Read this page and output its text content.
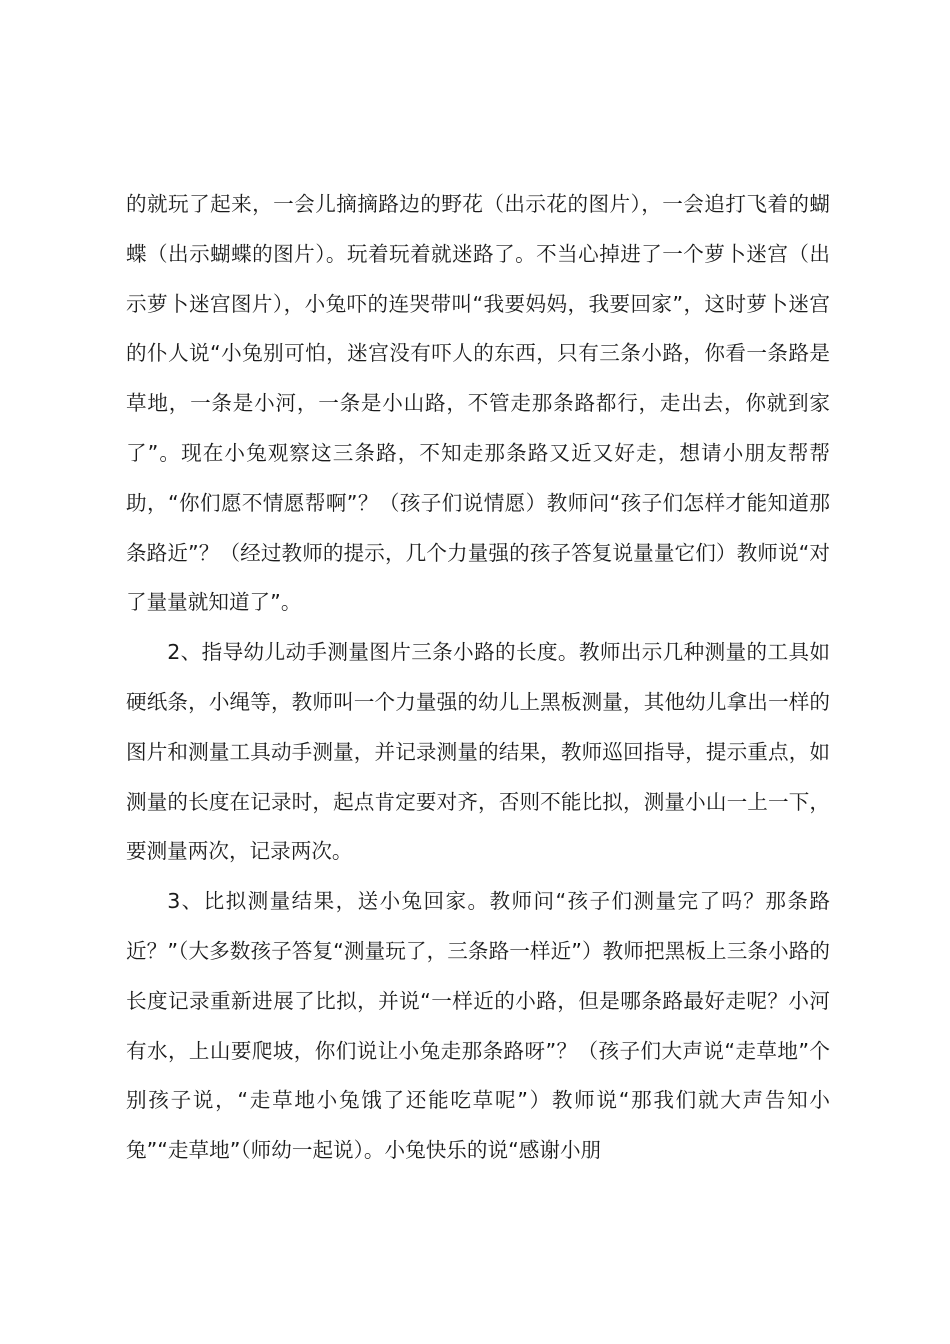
的就玩了起来，一会儿摘摘路边的野花（出示花的图片），一会追打飞着的蝴蝶（出示蝴蝶的图片）。玩着玩着就迷路了。不当心掉进了一个萝卜迷宫（出示萝卜迷宫图片），小兔吓的连哭带叫“我要妈妈，我要回家”，这时萝卜迷宫的仆人说“小兔别可怕，迷宫没有吓人的东西，只有三条小路，你看一条路是草地，一条是小河，一条是小山路，不管走那条路都行，走出去，你就到家了”。现在小兔观察这三条路，不知走那条路又近又好走，想请小朋友帮帮助，“你们愿不情愿帮啊”？（孩子们说情愿）教师问“孩子们怎样才能知道那条路近”？（经过教师的提示，几个力量强的孩子答复说量量它们）教师说“对了量量就知道了”。

2、指导幼儿动手测量图片三条小路的长度。教师出示几种测量的工具如硬纸条，小绳等，教师叫一个力量强的幼儿上黑板测量，其他幼儿拿出一样的图片和测量工具动手测量，并记录测量的结果，教师巡回指导，提示重点，如测量的长度在记录时，起点肯定要对齐，否则不能比拟，测量小山一上一下，要测量两次，记录两次。

3、比拟测量结果，送小兔回家。教师问“孩子们测量完了吗？那条路近？”（大多数孩子答复“测量玩了，三条路一样近”）教师把黑板上三条小路的长度记录重新进展了比拟，并说“一样近的小路，但是哪条路最好走呢？小河有水，上山要爬坡，你们说让小兔走那条路呀”？（孩子们大声说“走草地”个别孩子说，“走草地小兔饿了还能吃草呢”）教师说“那我们就大声告知小兔”“走草地”（师幼一起说）。小兔快乐的说“感谢小朋
